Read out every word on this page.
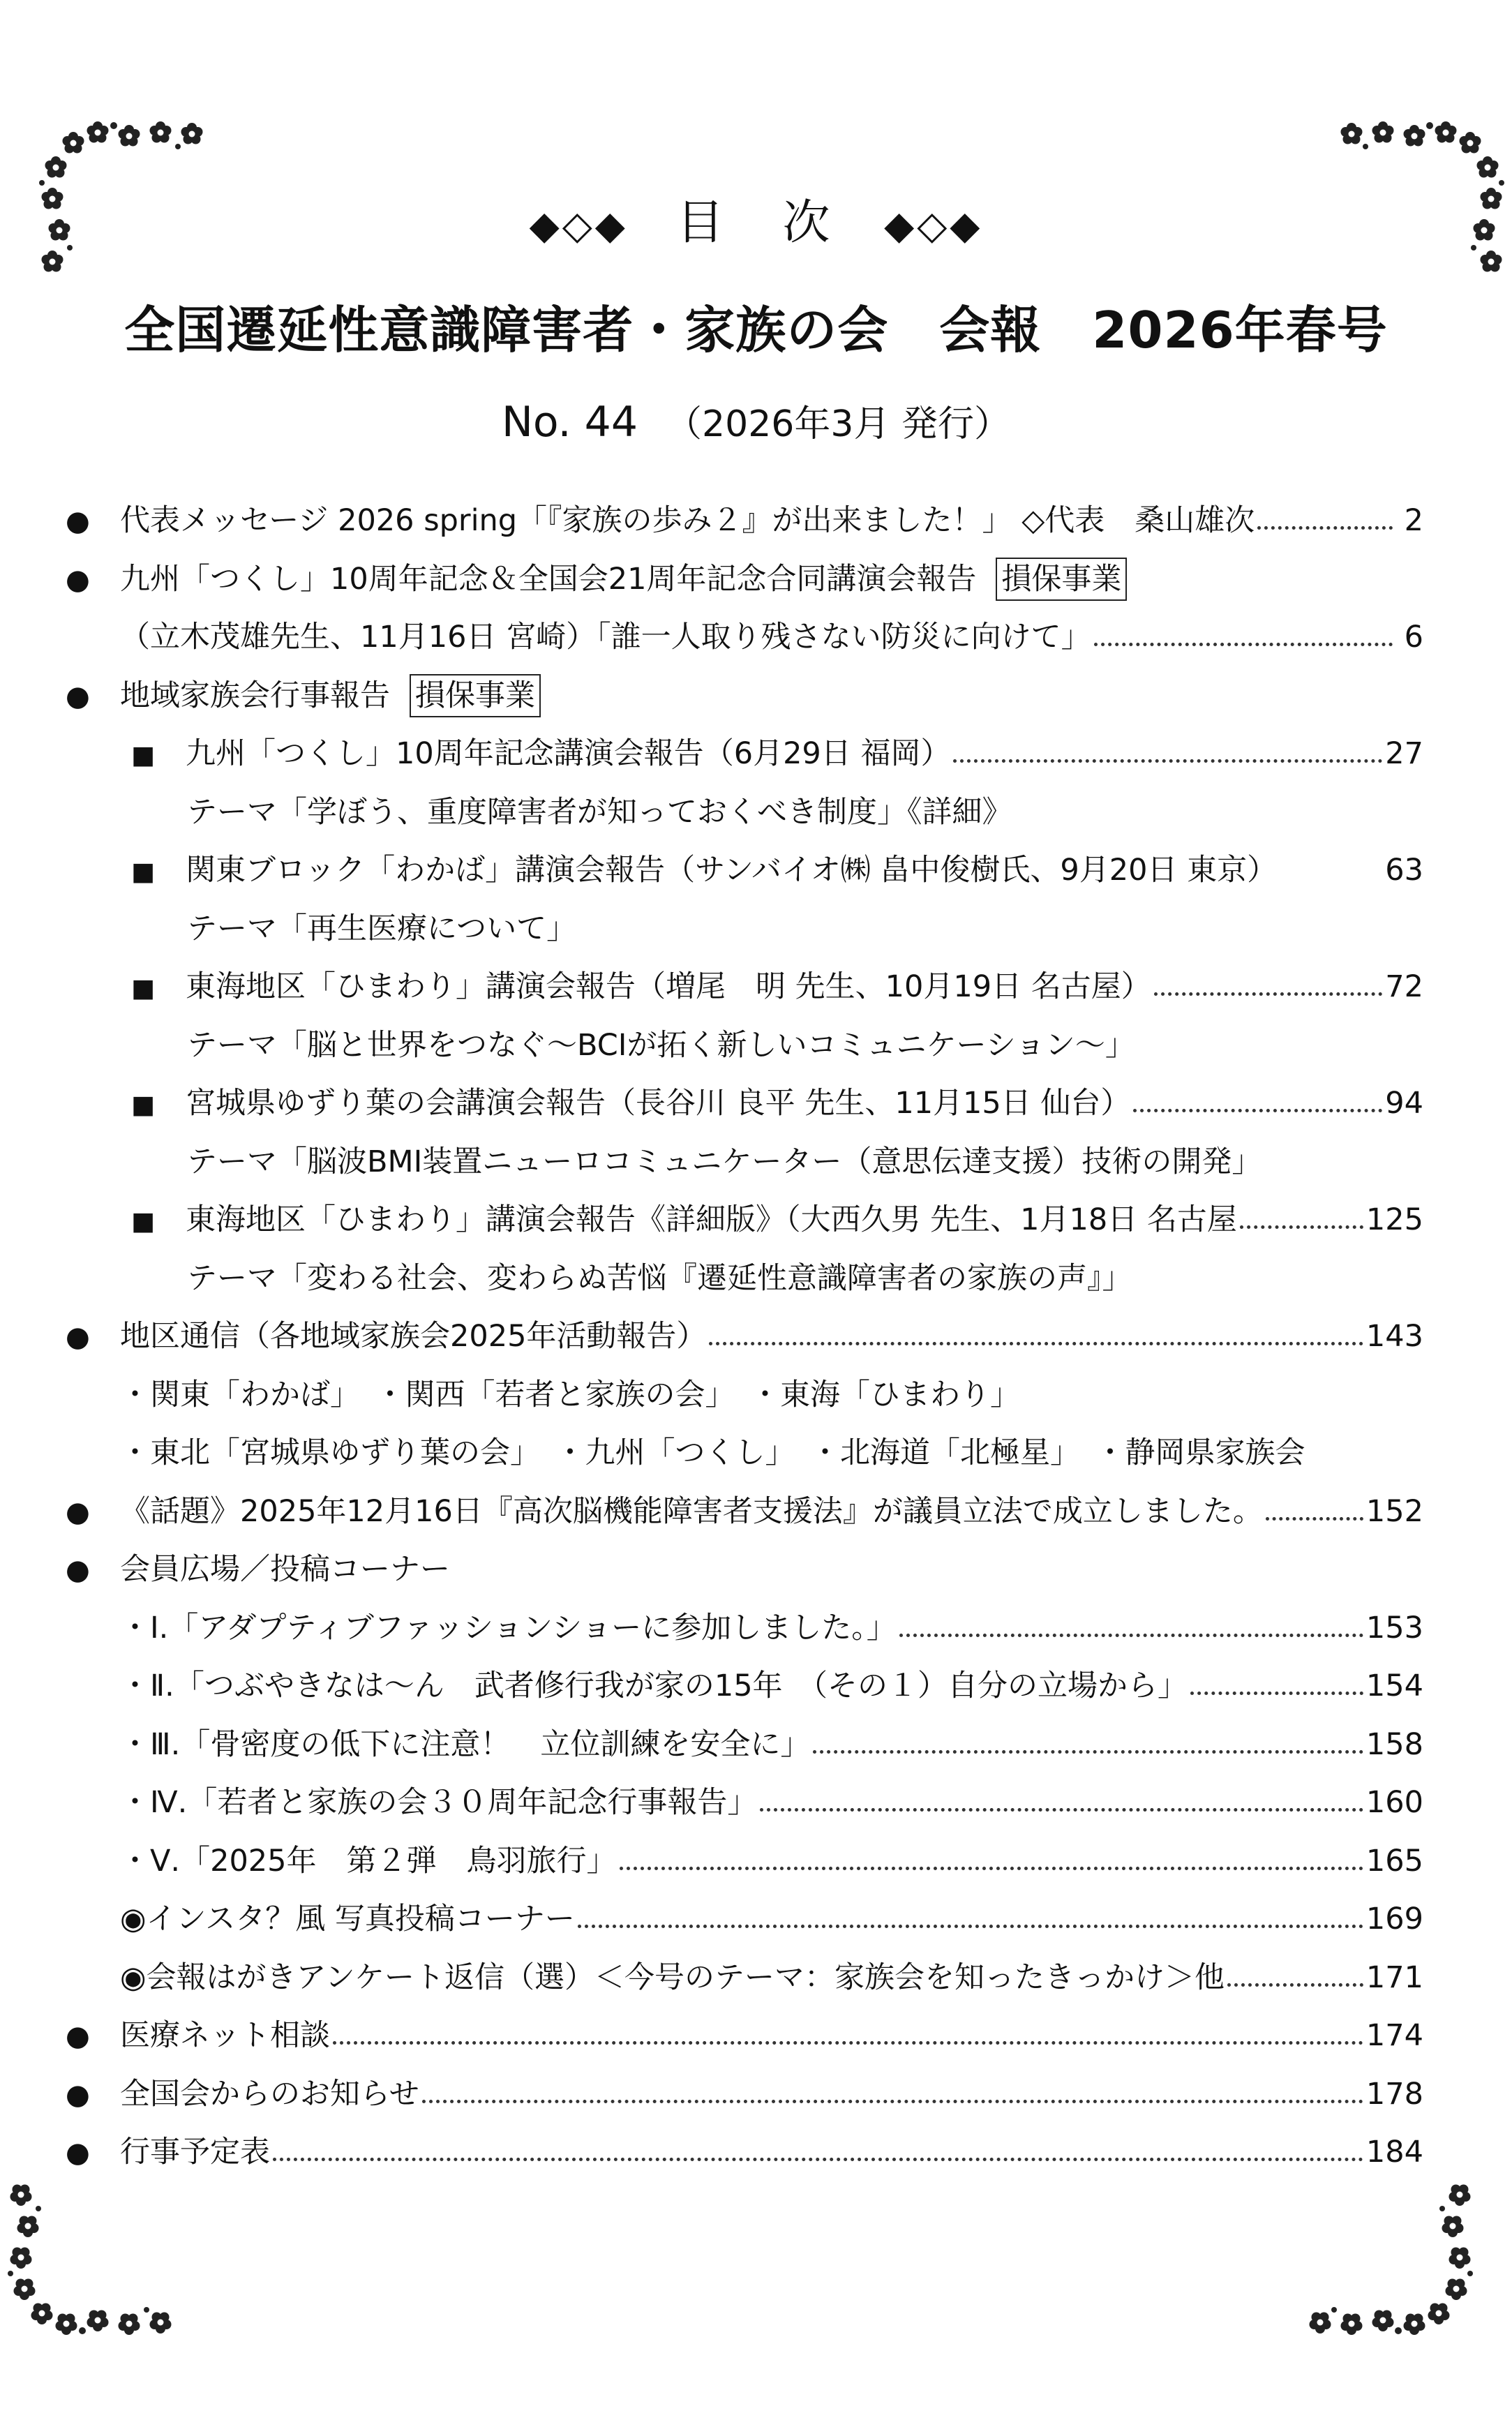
◆◇◆ 目　次 ◆◇◆
全国遷延性意識障害者・家族の会　会報　2026年春号
No. 44 （2026年3月 発行）
●	代表メッセージ 2026 spring「『家族の歩み２』が出来ました！」 ◇代表　桑山雄次	2
●	九州「つくし」10周年記念＆全国会21周年記念合同講演会報告 損保事業
（立木茂雄先生、11月16日 宮崎）「誰一人取り残さない防災に向けて」	6
●	地域家族会行事報告 損保事業
■	九州「つくし」10周年記念講演会報告（6月29日 福岡）	27
テーマ「学ぼう、重度障害者が知っておくべき制度」《詳細》
■	関東ブロック「わかば」講演会報告（サンバイオ㈱ 畠中俊樹氏、9月20日 東京）	63
テーマ「再生医療について」
■	東海地区「ひまわり」講演会報告（増尾　明 先生、10月19日 名古屋）	72
テーマ「脳と世界をつなぐ～BCIが拓く新しいコミュニケーション～」
■	宮城県ゆずり葉の会講演会報告（長谷川 良平 先生、11月15日 仙台）	94
テーマ「脳波BMI装置ニューロコミュニケーター（意思伝達支援）技術の開発」
■	東海地区「ひまわり」講演会報告《詳細版》（大西久男 先生、1月18日 名古屋	125
テーマ「変わる社会、変わらぬ苦悩『遷延性意識障害者の家族の声』」
●	地区通信（各地域家族会2025年活動報告）	143
・関東「わかば」　・関西「若者と家族の会」　・東海「ひまわり」
・東北「宮城県ゆずり葉の会」　・九州「つくし」　・北海道「北極星」　・静岡県家族会
●	《話題》2025年12月16日『高次脳機能障害者支援法』が議員立法で成立しました。	152
●	会員広場／投稿コーナー
・Ⅰ.「アダプティブファッションショーに参加しました。」	153
・Ⅱ.「つぶやきなは～ん　武者修行我が家の15年　（その１）自分の立場から」	154
・Ⅲ.「骨密度の低下に注意！　立位訓練を安全に」	158
・Ⅳ.「若者と家族の会３０周年記念行事報告」	160
・Ⅴ.「2025年　第２弾　鳥羽旅行」	165
◉インスタ？風 写真投稿コーナー	169
◉会報はがきアンケート返信（選）＜今号のテーマ：家族会を知ったきっかけ＞他	171
●	医療ネット相談	174
●	全国会からのお知らせ	178
●	行事予定表	184
